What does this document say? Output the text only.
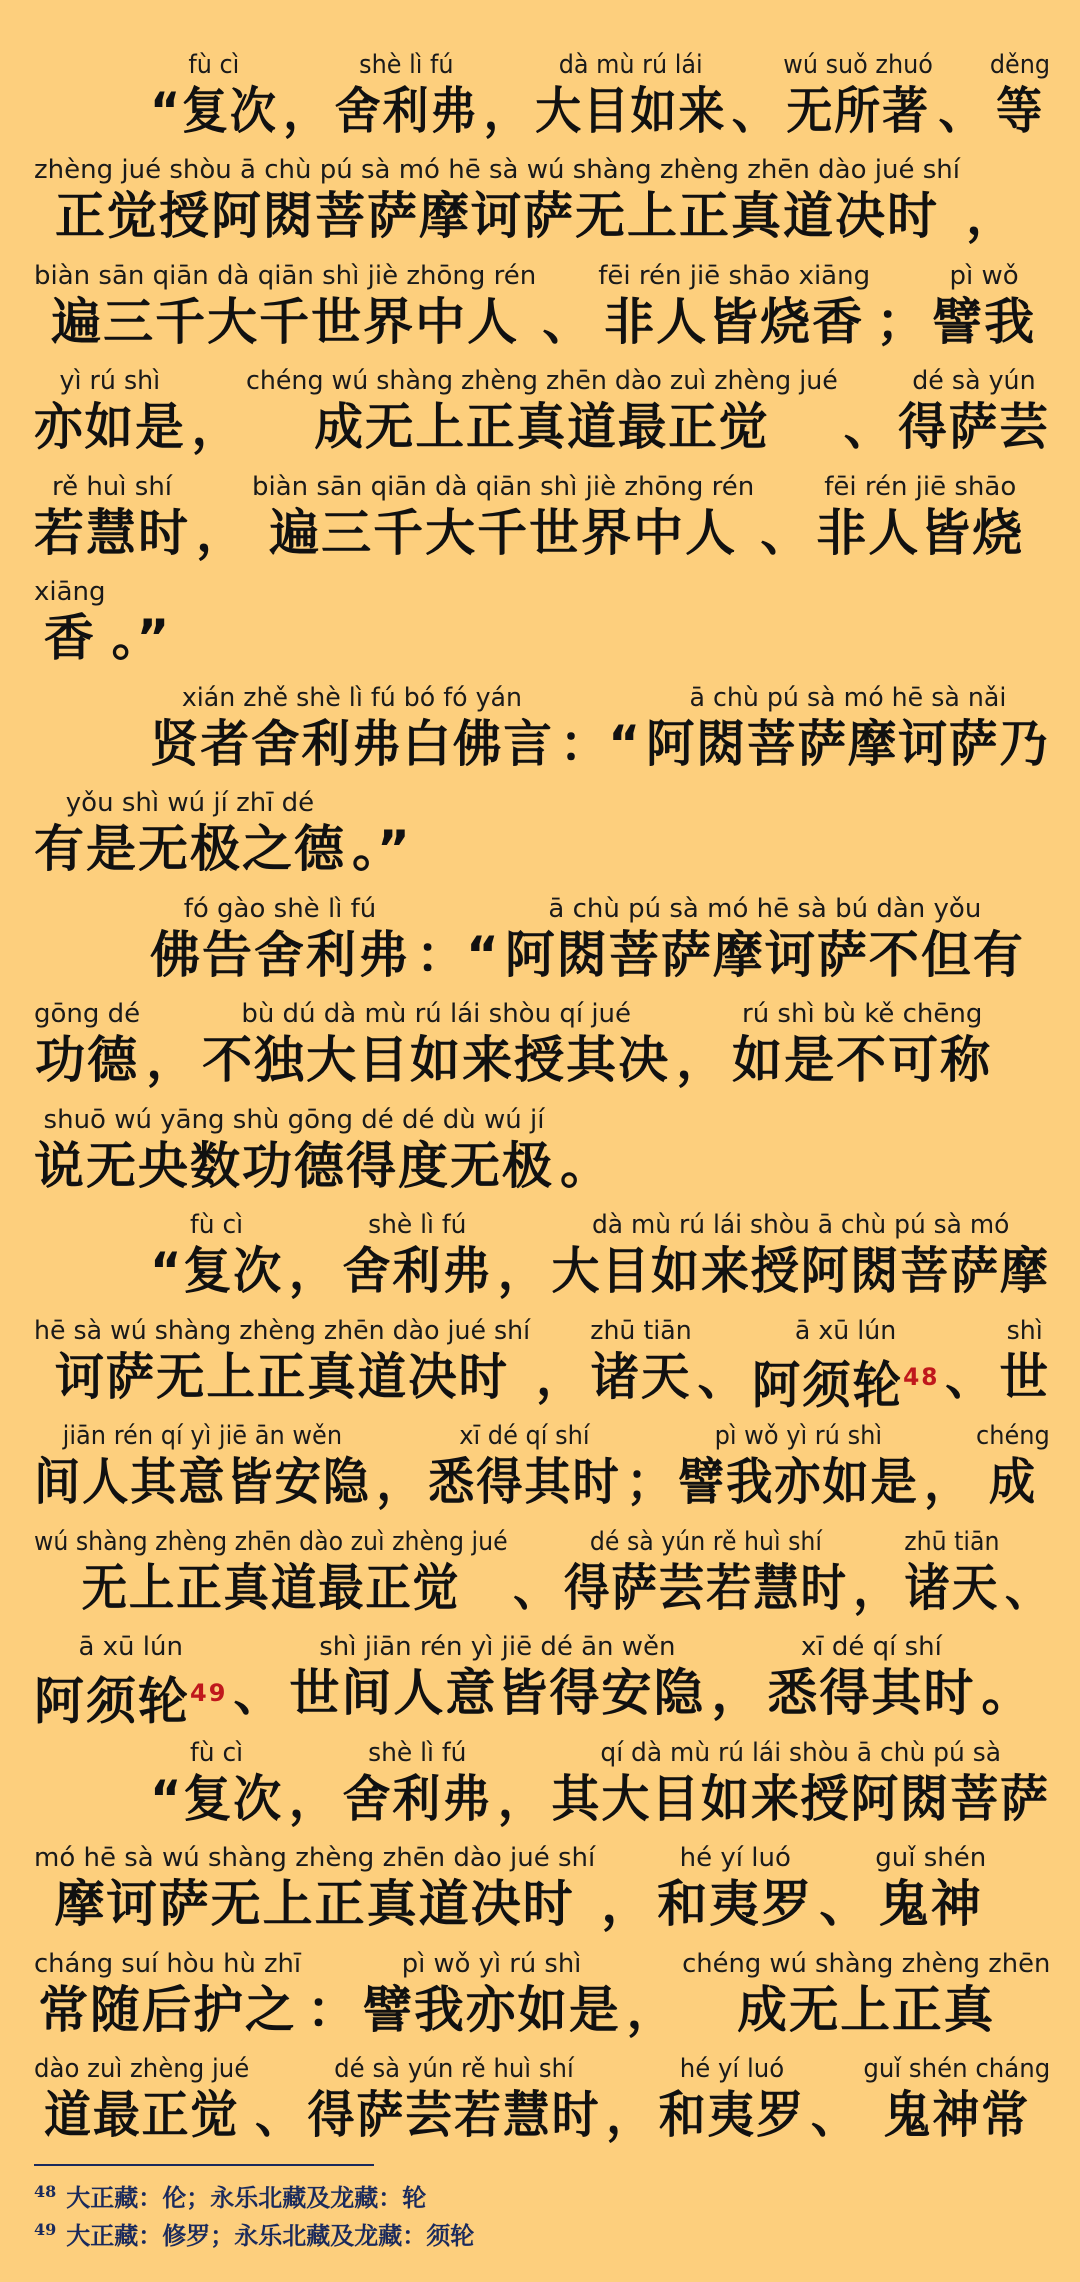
fù cì
“复次 ，
shè lì fú
舍利弗 ，
dà mù rú lái
大目如来 、
wú suǒ zhuó
无所著 、
děng
等
zhèng jué shòu ā chù pú sà mó hē sà wú shàng zhèng zhēn dào jué shí
正觉授阿閦菩萨摩诃萨无上正真道决时 ，
biàn sān qiān dà qiān shì jiè zhōng rén
遍三千大千世界中人 、
fēi rén jiē shāo xiāng
非人皆烧香 ；
pì wǒ
譬我
yì rú shì
亦如是 ，
chéng wú shàng zhèng zhēn dào zuì zhèng jué
成无上正真道最正觉 、
dé sà yún
得萨芸
rě huì shí
若慧时 ，
biàn sān qiān dà qiān shì jiè zhōng rén
遍三千大千世界中人 、
fēi rén jiē shāo
非人皆烧
xiāng
香 。”
xián zhě shè lì fú bó fó yán
贤者舍利弗白佛言 ：“
ā chù pú sà mó hē sà nǎi
阿閦菩萨摩诃萨乃
yǒu shì wú jí zhī dé
有是无极之德 。”
fó gào shè lì fú
佛告舍利弗 ：“
ā chù pú sà mó hē sà bú dàn yǒu
阿閦菩萨摩诃萨不但有
gōng dé
功德 ，
bù dú dà mù rú lái shòu qí jué
不独大目如来授其决 ，
rú shì bù kě chēng
如是不可称
shuō wú yāng shù gōng dé dé dù wú jí
说无央数功德得度无极 。
fù cì
“复次 ，
shè lì fú
舍利弗 ，
dà mù rú lái shòu ā chù pú sà mó
大目如来授阿閦菩萨摩
hē sà wú shàng zhèng zhēn dào jué shí
诃萨无上正真道决时 ，
zhū tiān
诸天 、
ā xū lún
阿须轮$^{48}$ 、
shì
世
jiān rén qí yì jiē ān wěn
间人其意皆安隐 ，
xī dé qí shí
悉得其时 ；
pì wǒ yì rú shì
譬我亦如是 ，
chéng
成
wú shàng zhèng zhēn dào zuì zhèng jué
无上正真道最正觉 、
dé sà yún rě huì shí
得萨芸若慧时 ，
zhū tiān
诸天 、
ā xū lún
阿须轮$^{49}$ 、
shì jiān rén yì jiē dé ān wěn
世间人意皆得安隐 ，
xī dé qí shí
悉得其时 。
fù cì
“复次 ，
shè lì fú
舍利弗 ，
qí dà mù rú lái shòu ā chù pú sà
其大目如来授阿閦菩萨
mó hē sà wú shàng zhèng zhēn dào jué shí
摩诃萨无上正真道决时 ，
hé yí luó
和夷罗 、
guǐ shén
鬼神
cháng suí hòu hù zhī
常随后护之 ：
pì wǒ yì rú shì
譬我亦如是 ，
chéng wú shàng zhèng zhēn
成无上正真
dào zuì zhèng jué
道最正觉 、
dé sà yún rě huì shí
得萨芸若慧时 ，
hé yí luó
和夷罗 、
guǐ shén cháng
鬼神常
$^{48}$ 大正藏：伦；永乐北藏及龙藏：轮
$^{49}$ 大正藏：修罗；永乐北藏及龙藏：须轮
